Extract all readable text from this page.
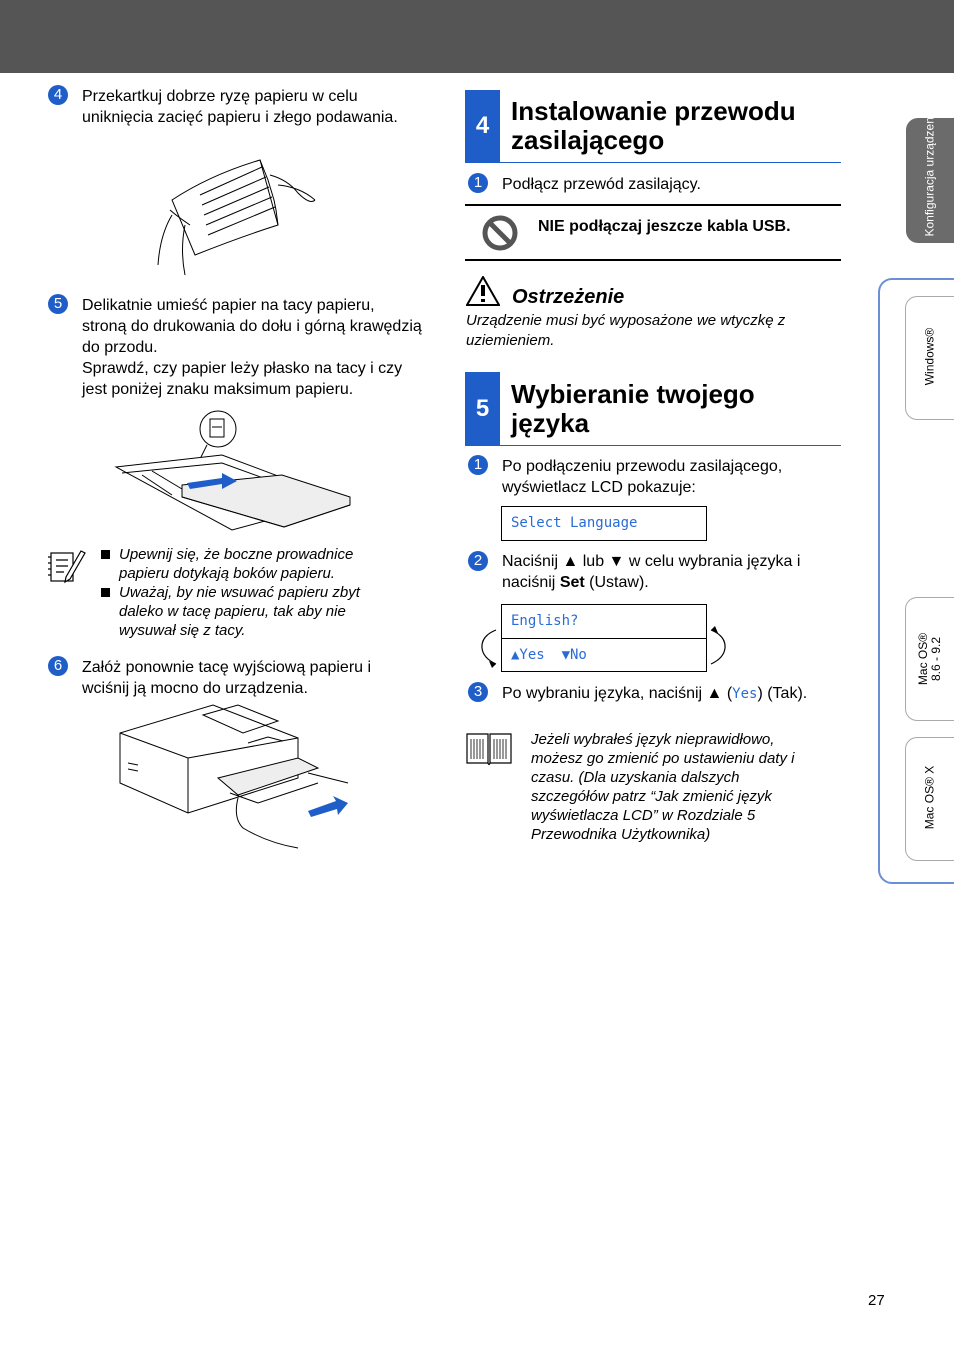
4	Przekartkuj dobrze ryzę papieru w celu uniknięcia zacięć papieru i złego podawania.
5	Delikatnie umieść papier na tacy papieru, stroną do drukowania do dołu i górną krawędzią do przodu.

Sprawdź, czy papier leży płasko na tacy i czy jest poniżej znaku maksimum papieru.

Upewnij się, że boczne prowadnice papieru dotykają boków papieru.
Uważaj, by nie wsuwać papieru zbyt daleko w tacę papieru, tak aby nie wysuwał się z tacy.
6	Załóż ponownie tacę wyjściową papieru i wciśnij ją mocno do urządzenia.
4 Instalowanie przewodu zasilającego
1	Podłącz przewód zasilający.
NIE podłączaj jeszcze kabla USB.
Ostrzeżenie
Urządzenie musi być wyposażone we wtyczkę z uziemieniem.
5 Wybieranie twojego języka
1	Po podłączeniu przewodu zasilającego, wyświetlacz LCD pokazuje:
Select Language
2	Naciśnij ▲ lub ▼ w celu wybrania języka i naciśnij Set (Ustaw).
English?
▲Yes ▼No
3	Po wybraniu języka, naciśnij ▲ (Yes) (Tak).
Jeżeli wybrałeś język nieprawidłowo, możesz go zmienić po ustawieniu daty i czasu. (Dla uzyskania dalszych szczegółów patrz “Jak zmienić język wyświetlacza LCD” w Rozdziale 5 Przewodnika Użytkownika)
Konfiguracja urządzenia
Windows®
Mac OS® 8.6 - 9.2
Mac OS® X
27
